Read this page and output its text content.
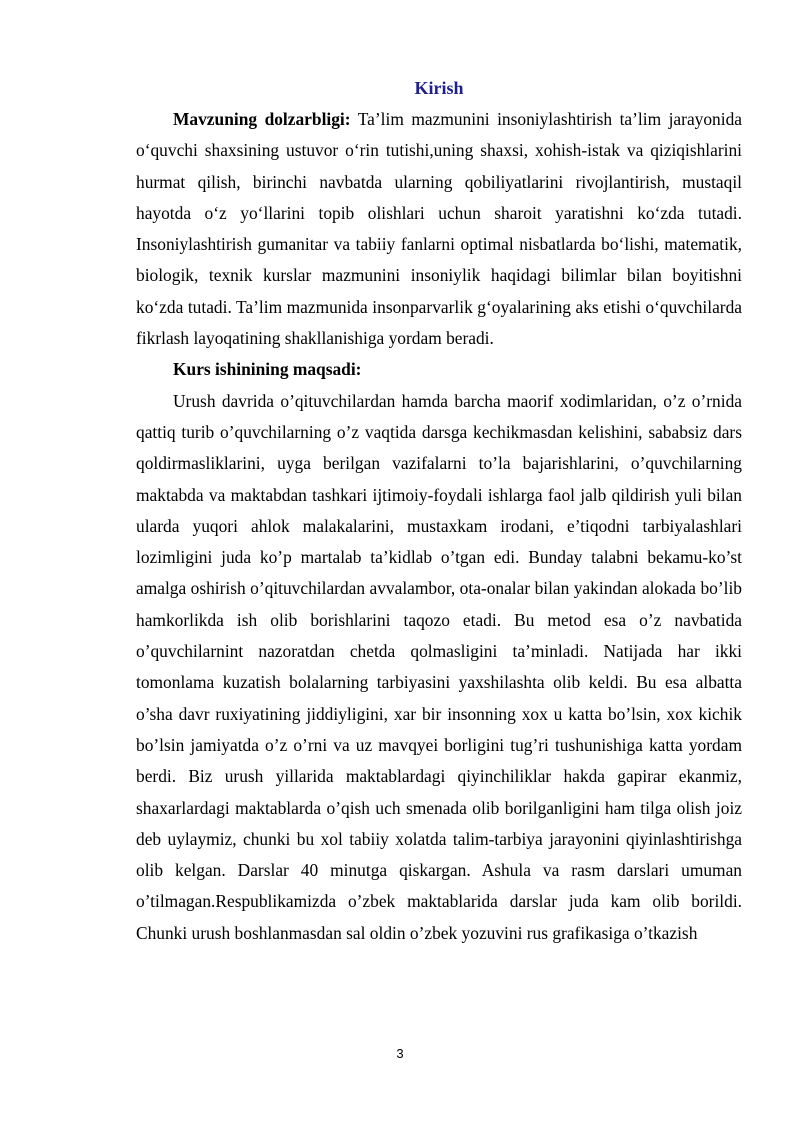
Kirish

Mavzuning dolzarbligi: Ta’lim mazmunini insoniylashtirish ta’lim jarayonida o‘quvchi shaxsining ustuvor o‘rin tutishi,uning shaxsi, xohish-istak va qiziqishlarini hurmat qilish, birinchi navbatda ularning qobiliyatlarini rivojlantirish, mustaqil hayotda o‘z yo‘llarini topib olishlari uchun sharoit yaratishni ko‘zda tutadi. Insoniylashtirish gumanitar va tabiiy fanlarni optimal nisbatlarda bo‘lishi, matematik, biologik, texnik kurslar mazmunini insoniylik haqidagi bilimlar bilan boyitishni ko‘zda tutadi. Ta’lim mazmunida insonparvarlik g‘oyalarining aks etishi o‘quvchilarda fikrlash layoqatining shakllanishiga yordam beradi.

Kurs ishinining maqsadi:

Urush davrida o’qituvchilardan hamda barcha maorif xodimlaridan, o’z o’rnida qattiq turib o’quvchilarning o’z vaqtida darsga kechikmasdan kelishini, sababsiz dars qoldirmasliklarini, uyga berilgan vazifalarni to’la bajarishlarini, o’quvchilarning maktabda va maktabdan tashkari ijtimoiy-foydali ishlarga faol jalb qildirish yuli bilan ularda yuqori ahlok malakalarini, mustaxkam irodani, e’tiqodni tarbiyalashlari lozimligini juda ko’p martalab ta’kidlab o’tgan edi. Bunday talabni bekamu-ko’st amalga oshirish o’qituvchilardan avvalambor, ota-onalar bilan yakindan alokada bo’lib hamkorlikda ish olib borishlarini taqozo etadi. Bu metod esa o’z navbatida o’quvchilarnint nazoratdan chetda qolmasligini ta’minladi. Natijada har ikki tomonlama kuzatish bolalarning tarbiyasini yaxshilashta olib keldi. Bu esa albatta o’sha davr ruxiyatining jiddiyligini, xar bir insonning xox u katta bo’lsin, xox kichik bo’lsin jamiyatda o’z o’rni va uz mavqyei borligini tug’ri tushunishiga katta yordam berdi. Biz urush yillarida maktablardagi qiyinchiliklar hakda gapirar ekanmiz, shaxarlardagi maktablarda o’qish uch smenada olib borilganligini ham tilga olish joiz deb uylaymiz, chunki bu xol tabiiy xolatda talim-tarbiya jarayonini qiyinlashtirishga olib kelgan. Darslar 40 minutga qiskargan. Ashula va rasm darslari umuman o’tilmagan.Respublikamizda o’zbek maktablarida darslar juda kam olib borildi. Chunki urush boshlanmasdan sal oldin o’zbek yozuvini rus grafikasiga o’tkazish

3
